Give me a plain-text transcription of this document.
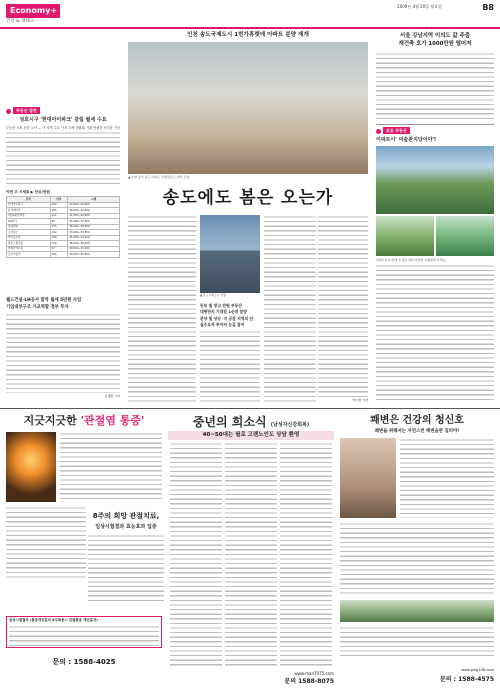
Economy+
건강 & 재테크
2009년 4월 20일 월요일	B8
부동산 열전
성호시구 '현대아이파크' 갈림 월세 수요
부동산 시장 동향 요약 — 이 지역 주요 단지 시세 변화와 거래 현황을 정리한 기사
이번 주 시세표 ▶ 단위:만원
단지	면적	시세
현대아이파크	109	43,000~45,000
삼성래미안	105	38,000~40,000
대림e편한세상	112	41,500~44,000
GS자이	99	35,000~37,500
롯데캐슬	115	46,000~48,500
두산위브	102	33,000~34,500
벽산블루밍	108	31,000~33,000
쌍용스윗닷홈	110	36,500~38,000
한화꿈에그린	97	29,500~31,000
금호어울림	104	34,000~35,500
웰드건설-LH공사 합작 월세 5만원 사업
기업대부구조 가교역할 정부 투자
김세환 기자
인천 송도국제도시 1번가휴렛에 아파트 분양 재개
▲ 분양 중인 송도 아파트 모델하우스 내부 모습.
송도에도 봄은 오는가
▲ 송도국제도시 전경.
동보 및 창고 전원 부동산
대형단지 기대감 1순위 분양
분양 및 상승 '지 공감 지역의 단
실수요자 투자자 눈길 끌어
박소현 기자
서울 강남지역 이의도 값 주춤
재건축 호가 1000만원 떨어져
포토 부동산
이파트이' 미술관지당이야'!
아파트단지 안에 조성된 야외 미술관 조형물과 산책로.
지긋지긋한 '관절염 통증'
8주의 희망 관절치료,
임상시험결과 효능효과 입증
임상시험결과 (통증개선효과 8주복용시 관절통증 개선효과)
문의 : 1588-4025
중년의 희소식 (남성자신감회복)
40~50대는 필로 고렌노인도 상담 환영
www.man7075.com
문의 1588-8075
쾌변은 건강의 청신호
쾌변을 위해서는 자연스런 배변습관 길러야!
www.pwg106.com
문의 : 1588-4575
